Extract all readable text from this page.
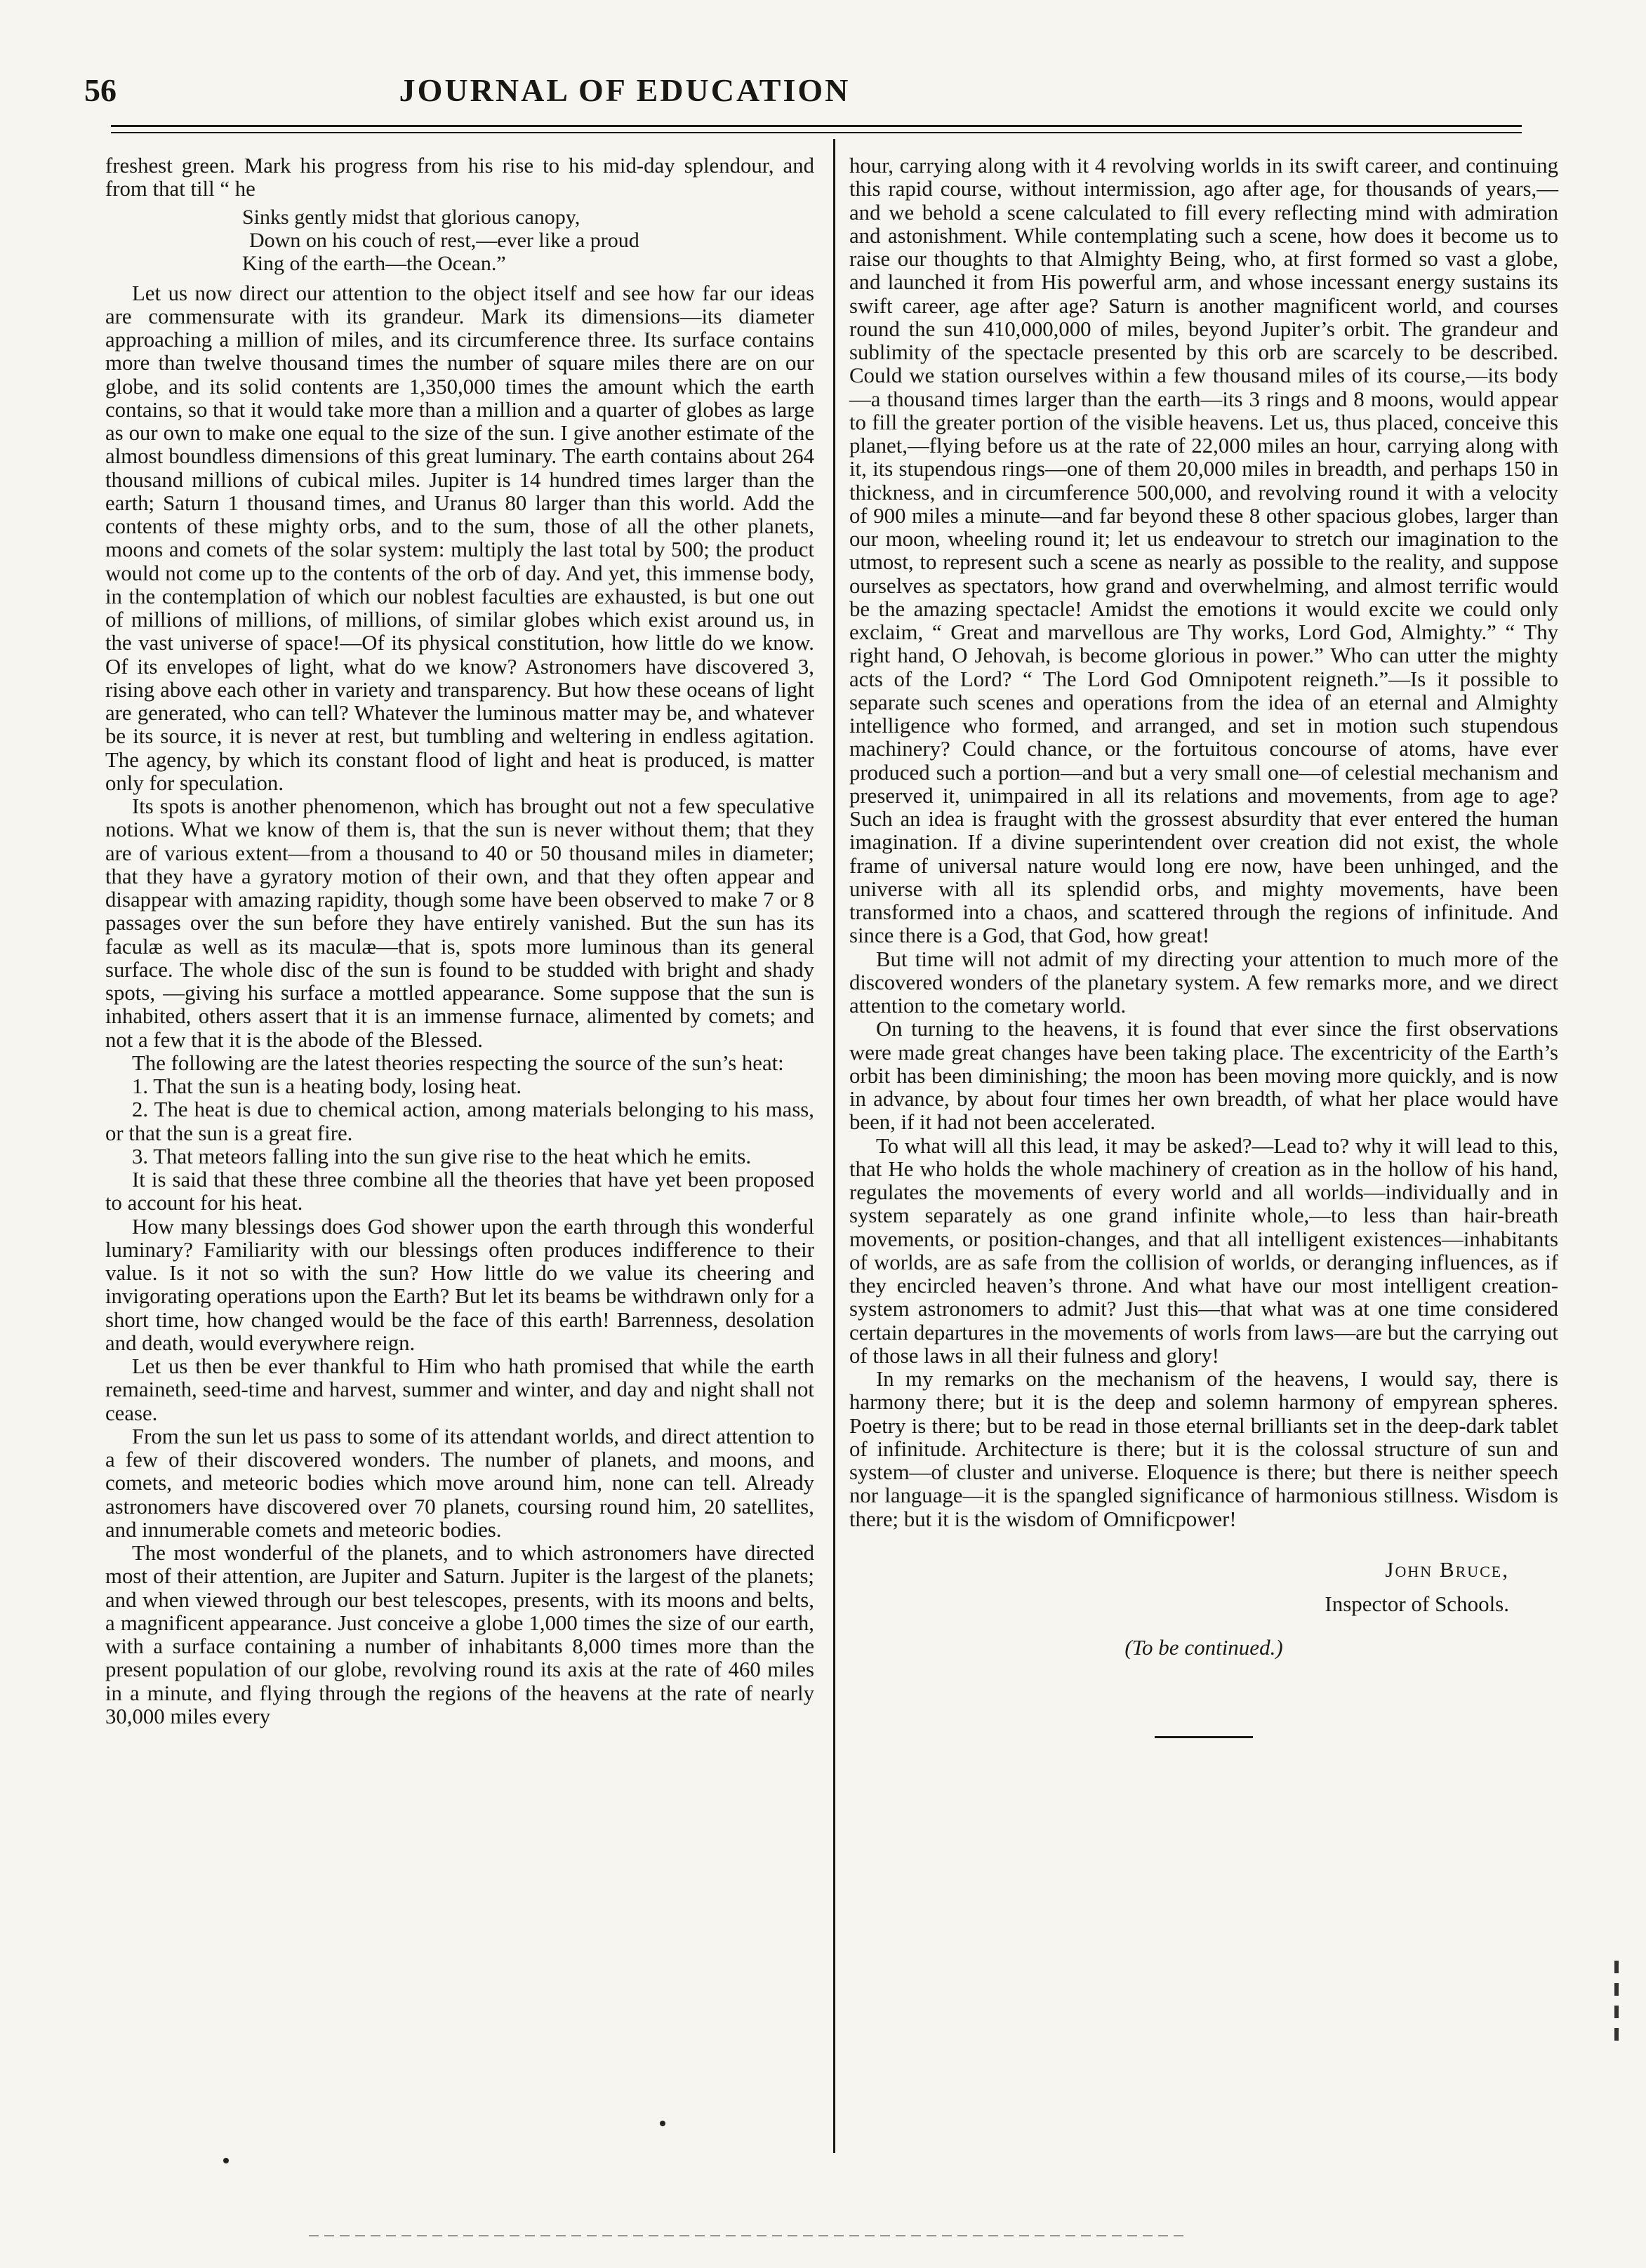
56	JOURNAL OF EDUCATION

freshest green. Mark his progress from his rise to his mid-day splendour, and from that till “ he

Sinks gently midst that glorious canopy,
Down on his couch of rest,—ever like a proud
King of the earth—the Ocean.”

Let us now direct our attention to the object itself and see how far our ideas are commensurate with its grandeur. Mark its dimensions—its diameter approaching a million of miles, and its circumference three. Its surface contains more than twelve thousand times the number of square miles there are on our globe, and its solid contents are 1,350,000 times the amount which the earth contains, so that it would take more than a million and a quarter of globes as large as our own to make one equal to the size of the sun. I give another estimate of the almost boundless dimensions of this great luminary. The earth contains about 264 thousand millions of cubical miles. Jupiter is 14 hundred times larger than the earth; Saturn 1 thousand times, and Uranus 80 larger than this world. Add the contents of these mighty orbs, and to the sum, those of all the other planets, moons and comets of the solar system: multiply the last total by 500; the product would not come up to the contents of the orb of day. And yet, this immense body, in the contemplation of which our noblest faculties are exhausted, is but one out of millions of millions, of millions, of similar globes which exist around us, in the vast universe of space!—Of its physical constitution, how little do we know. Of its envelopes of light, what do we know? Astronomers have discovered 3, rising above each other in variety and transparency. But how these oceans of light are generated, who can tell? Whatever the luminous matter may be, and whatever be its source, it is never at rest, but tumbling and weltering in endless agitation. The agency, by which its constant flood of light and heat is produced, is matter only for speculation.

Its spots is another phenomenon, which has brought out not a few speculative notions. What we know of them is, that the sun is never without them; that they are of various extent—from a thousand to 40 or 50 thousand miles in diameter; that they have a gyratory motion of their own, and that they often appear and disappear with amazing rapidity, though some have been observed to make 7 or 8 passages over the sun before they have entirely vanished. But the sun has its faculæ as well as its maculæ—that is, spots more luminous than its general surface. The whole disc of the sun is found to be studded with bright and shady spots, —giving his surface a mottled appearance. Some suppose that the sun is inhabited, others assert that it is an immense furnace, alimented by comets; and not a few that it is the abode of the Blessed.

The following are the latest theories respecting the source of the sun’s heat:

1. That the sun is a heating body, losing heat.

2. The heat is due to chemical action, among materials belonging to his mass, or that the sun is a great fire.

3. That meteors falling into the sun give rise to the heat which he emits.

It is said that these three combine all the theories that have yet been proposed to account for his heat.

How many blessings does God shower upon the earth through this wonderful luminary? Familiarity with our blessings often produces indifference to their value. Is it not so with the sun? How little do we value its cheering and invigorating operations upon the Earth? But let its beams be withdrawn only for a short time, how changed would be the face of this earth! Barrenness, desolation and death, would everywhere reign.

Let us then be ever thankful to Him who hath promised that while the earth remaineth, seed-time and harvest, summer and winter, and day and night shall not cease.

From the sun let us pass to some of its attendant worlds, and direct attention to a few of their discovered wonders. The number of planets, and moons, and comets, and meteoric bodies which move around him, none can tell. Already astronomers have discovered over 70 planets, coursing round him, 20 satellites, and innumerable comets and meteoric bodies.

The most wonderful of the planets, and to which astronomers have directed most of their attention, are Jupiter and Saturn. Jupiter is the largest of the planets; and when viewed through our best telescopes, presents, with its moons and belts, a magnificent appearance. Just conceive a globe 1,000 times the size of our earth, with a surface containing a number of inhabitants 8,000 times more than the present population of our globe, revolving round its axis at the rate of 460 miles in a minute, and flying through the regions of the heavens at the rate of nearly 30,000 miles every

hour, carrying along with it 4 revolving worlds in its swift career, and continuing this rapid course, without intermission, ago after age, for thousands of years,—and we behold a scene calculated to fill every reflecting mind with admiration and astonishment. While contemplating such a scene, how does it become us to raise our thoughts to that Almighty Being, who, at first formed so vast a globe, and launched it from His powerful arm, and whose incessant energy sustains its swift career, age after age? Saturn is another magnificent world, and courses round the sun 410,000,000 of miles, beyond Jupiter’s orbit. The grandeur and sublimity of the spectacle presented by this orb are scarcely to be described. Could we station ourselves within a few thousand miles of its course,—its body—a thousand times larger than the earth—its 3 rings and 8 moons, would appear to fill the greater portion of the visible heavens. Let us, thus placed, conceive this planet,—flying before us at the rate of 22,000 miles an hour, carrying along with it, its stupendous rings—one of them 20,000 miles in breadth, and perhaps 150 in thickness, and in circumference 500,000, and revolving round it with a velocity of 900 miles a minute—and far beyond these 8 other spacious globes, larger than our moon, wheeling round it; let us endeavour to stretch our imagination to the utmost, to represent such a scene as nearly as possible to the reality, and suppose ourselves as spectators, how grand and overwhelming, and almost terrific would be the amazing spectacle! Amidst the emotions it would excite we could only exclaim, “ Great and marvellous are Thy works, Lord God, Almighty.” “ Thy right hand, O Jehovah, is become glorious in power.” Who can utter the mighty acts of the Lord? “ The Lord God Omnipotent reigneth.”—Is it possible to separate such scenes and operations from the idea of an eternal and Almighty intelligence who formed, and arranged, and set in motion such stupendous machinery? Could chance, or the fortuitous concourse of atoms, have ever produced such a portion—and but a very small one—of celestial mechanism and preserved it, unimpaired in all its relations and movements, from age to age? Such an idea is fraught with the grossest absurdity that ever entered the human imagination. If a divine superintendent over creation did not exist, the whole frame of universal nature would long ere now, have been unhinged, and the universe with all its splendid orbs, and mighty movements, have been transformed into a chaos, and scattered through the regions of infinitude. And since there is a God, that God, how great!

But time will not admit of my directing your attention to much more of the discovered wonders of the planetary system. A few remarks more, and we direct attention to the cometary world.

On turning to the heavens, it is found that ever since the first observations were made great changes have been taking place. The excentricity of the Earth’s orbit has been diminishing; the moon has been moving more quickly, and is now in advance, by about four times her own breadth, of what her place would have been, if it had not been accelerated.

To what will all this lead, it may be asked?—Lead to? why it will lead to this, that He who holds the whole machinery of creation as in the hollow of his hand, regulates the movements of every world and all worlds—individually and in system separately as one grand infinite whole,—to less than hair-breath movements, or position-changes, and that all intelligent existences—inhabitants of worlds, are as safe from the collision of worlds, or deranging influences, as if they encircled heaven’s throne. And what have our most intelligent creation-system astronomers to admit? Just this—that what was at one time considered certain departures in the movements of worls from laws—are but the carrying out of those laws in all their fulness and glory!

In my remarks on the mechanism of the heavens, I would say, there is harmony there; but it is the deep and solemn harmony of empyrean spheres. Poetry is there; but to be read in those eternal brilliants set in the deep-dark tablet of infinitude. Architecture is there; but it is the colossal structure of sun and system—of cluster and universe. Eloquence is there; but there is neither speech nor language—it is the spangled significance of harmonious stillness. Wisdom is there; but it is the wisdom of Omnificpower!

John Bruce,
Inspector of Schools.
(To be continued.)
